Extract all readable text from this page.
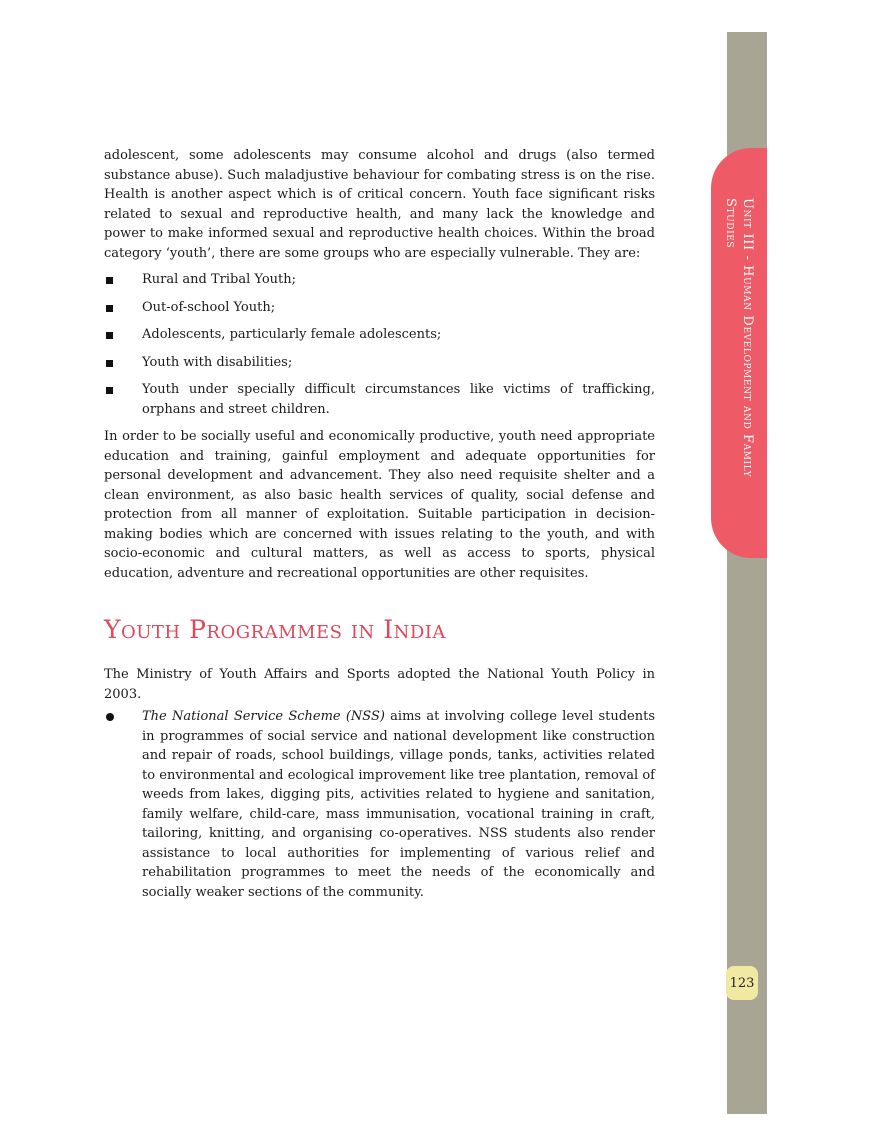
Unit III - Human Development and Family Studies
123

adolescent, some adolescents may consume alcohol and drugs (also termed substance abuse). Such maladjustive behaviour for combating stress is on the rise. Health is another aspect which is of critical concern. Youth face significant risks related to sexual and reproductive health, and many lack the knowledge and power to make informed sexual and reproductive health choices. Within the broad category ‘youth’, there are some groups who are especially vulnerable. They are:

Rural and Tribal Youth;
Out-of-school Youth;
Adolescents, particularly female adolescents;
Youth with disabilities;
Youth under specially difficult circumstances like victims of trafficking, orphans and street children.

In order to be socially useful and economically productive, youth need appropriate education and training, gainful employment and adequate opportunities for personal development and advancement. They also need requisite shelter and a clean environment, as also basic health services of quality, social defense and protection from all manner of exploitation. Suitable participation in decision-making bodies which are concerned with issues relating to the youth, and with socio-economic and cultural matters, as well as access to sports, physical education, adventure and recreational opportunities are other requisites.

Youth Programmes in India

The Ministry of Youth Affairs and Sports adopted the National Youth Policy in 2003.

The National Service Scheme (NSS) aims at involving college level students in programmes of social service and national development like construction and repair of roads, school buildings, village ponds, tanks, activities related to environmental and ecological improvement like tree plantation, removal of weeds from lakes, digging pits, activities related to hygiene and sanitation, family welfare, child-care, mass immunisation, vocational training in craft, tailoring, knitting, and organising co-operatives. NSS students also render assistance to local authorities for implementing of various relief and rehabilitation programmes to meet the needs of the economically and socially weaker sections of the community.
